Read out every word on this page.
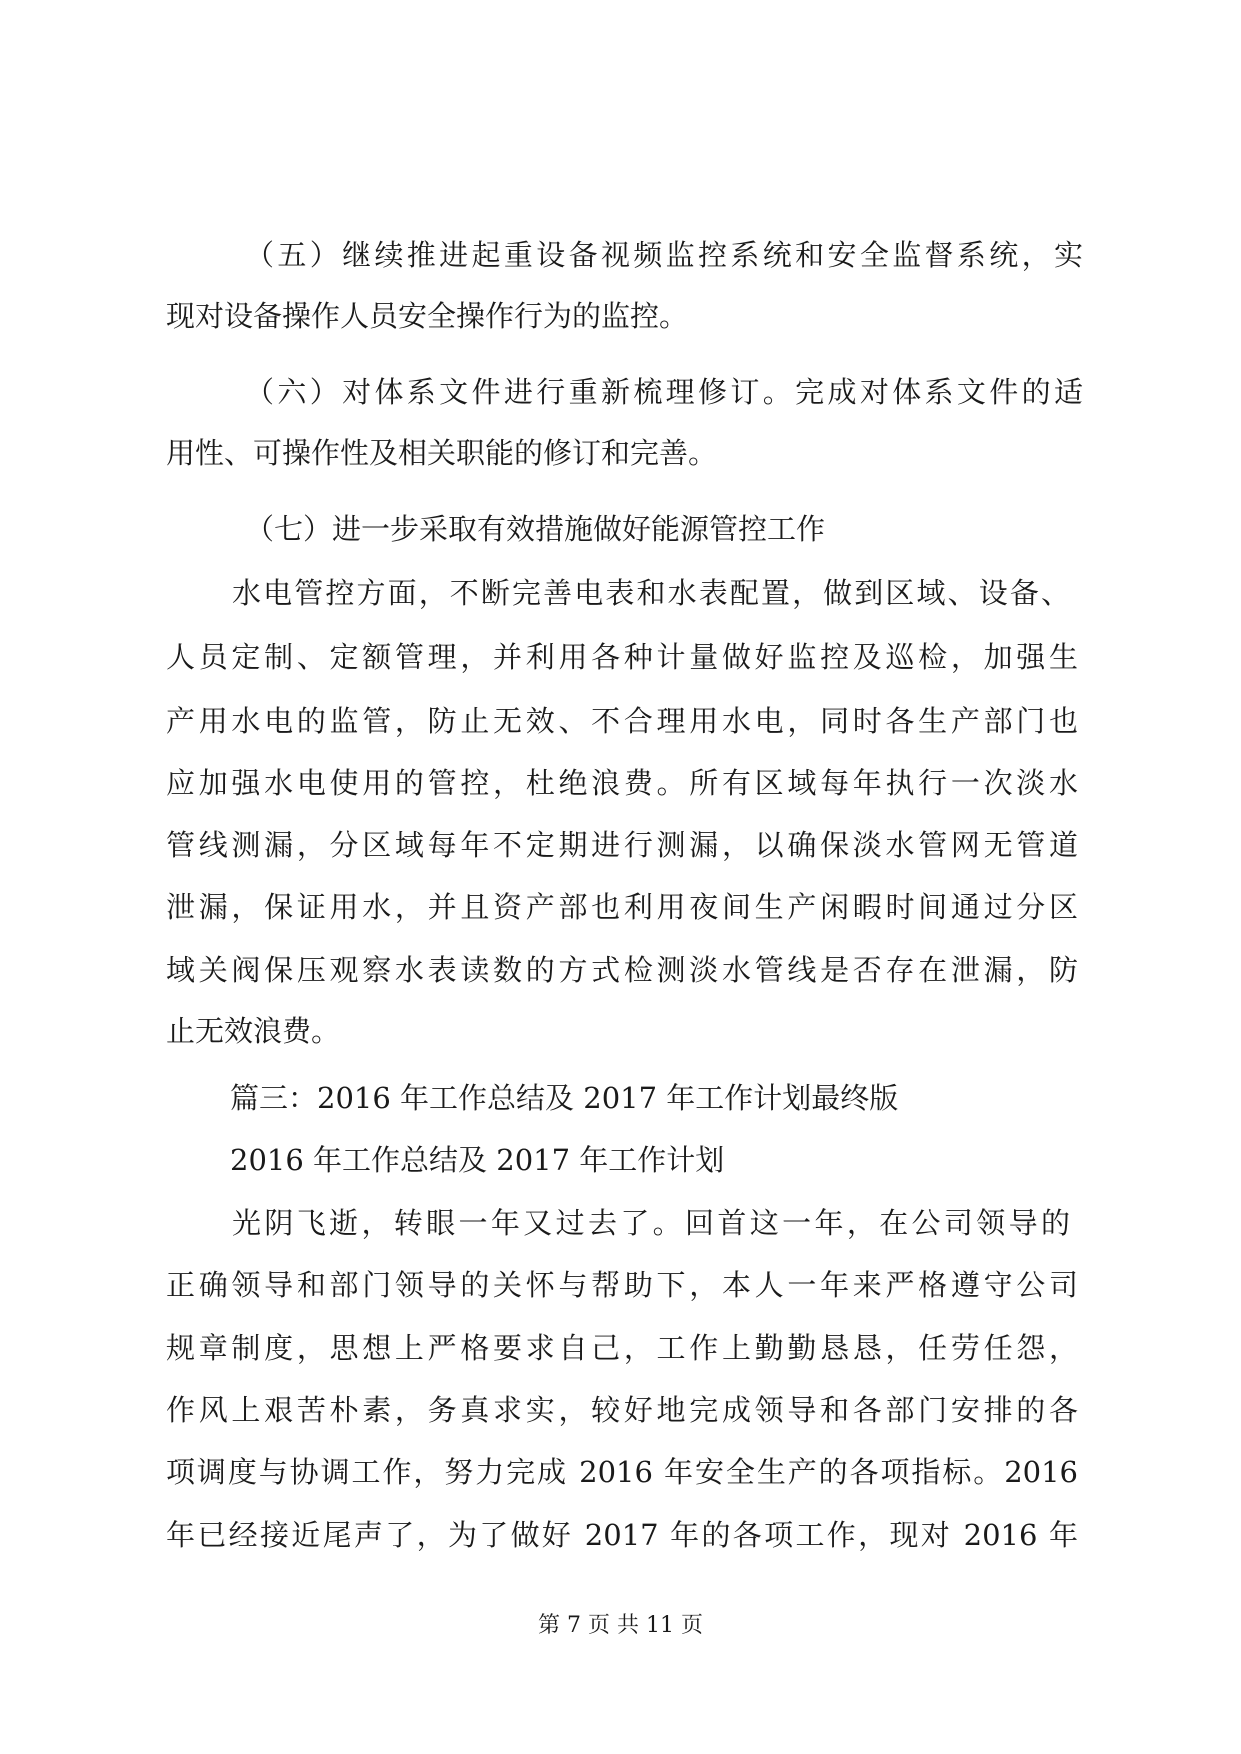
（五）继续推进起重设备视频监控系统和安全监督系统，实

现对设备操作人员安全操作行为的监控。

（六）对体系文件进行重新梳理修订。完成对体系文件的适

用性、可操作性及相关职能的修订和完善。

（七）进一步采取有效措施做好能源管控工作

水电管控方面，不断完善电表和水表配置，做到区域、设备、

人员定制、定额管理，并利用各种计量做好监控及巡检，加强生

产用水电的监管，防止无效、不合理用水电，同时各生产部门也

应加强水电使用的管控，杜绝浪费。所有区域每年执行一次淡水

管线测漏，分区域每年不定期进行测漏，以确保淡水管网无管道

泄漏，保证用水，并且资产部也利用夜间生产闲暇时间通过分区

域关阀保压观察水表读数的方式检测淡水管线是否存在泄漏，防

止无效浪费。

篇三：2016 年工作总结及 2017 年工作计划最终版

2016 年工作总结及 2017 年工作计划

光阴飞逝，转眼一年又过去了。回首这一年，在公司领导的

正确领导和部门领导的关怀与帮助下，本人一年来严格遵守公司

规章制度，思想上严格要求自己，工作上勤勤恳恳，任劳任怨，

作风上艰苦朴素，务真求实，较好地完成领导和各部门安排的各

项调度与协调工作，努力完成 2016 年安全生产的各项指标。2016

年已经接近尾声了，为了做好 2017 年的各项工作，现对 2016 年

第 7 页 共 11 页
